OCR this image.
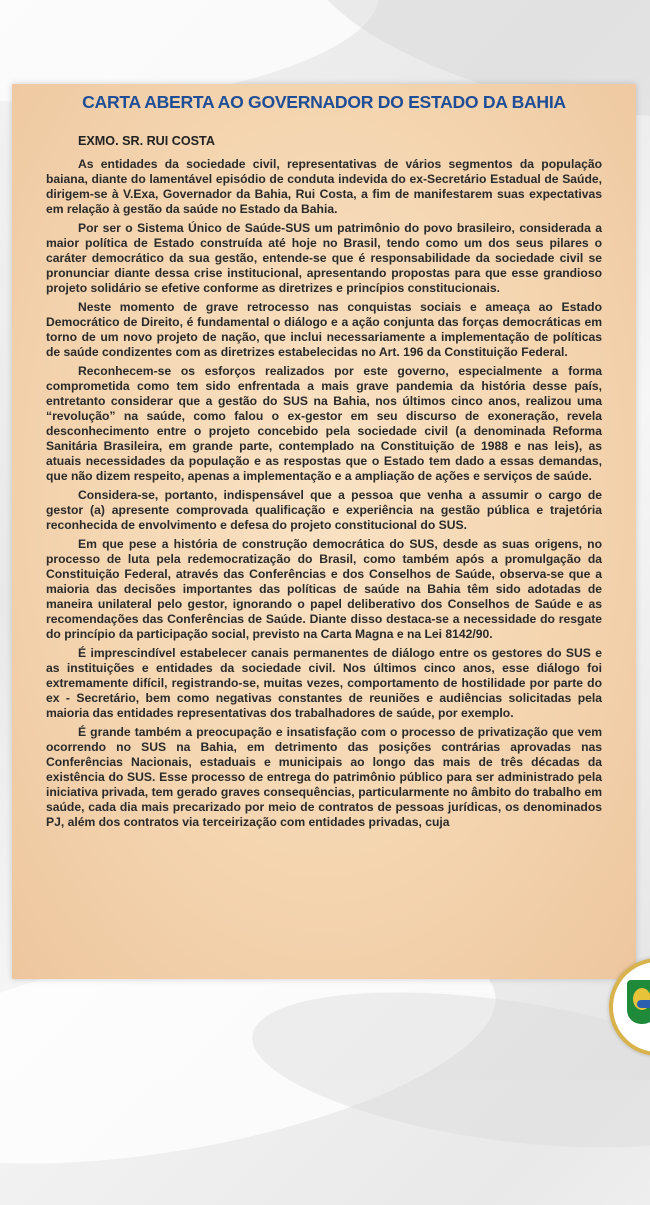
CARTA ABERTA AO GOVERNADOR DO ESTADO DA BAHIA
EXMO. SR. RUI COSTA

As entidades da sociedade civil, representativas de vários segmentos da população baiana, diante do lamentável episódio de conduta indevida do ex-Secretário Estadual de Saúde, dirigem-se à V.Exa, Governador da Bahia, Rui Costa, a fim de manifestarem suas expectativas em relação à gestão da saúde no Estado da Bahia.

Por ser o Sistema Único de Saúde-SUS um patrimônio do povo brasileiro, considerada a maior política de Estado construída até hoje no Brasil, tendo como um dos seus pilares o caráter democrático da sua gestão, entende-se que é responsabilidade da sociedade civil se pronunciar diante dessa crise institucional, apresentando propostas para que esse grandioso projeto solidário se efetive conforme as diretrizes e princípios constitucionais.

Neste momento de grave retrocesso nas conquistas sociais e ameaça ao Estado Democrático de Direito, é fundamental o diálogo e a ação conjunta das forças democráticas em torno de um novo projeto de nação, que inclui necessariamente a implementação de políticas de saúde condizentes com as diretrizes estabelecidas no Art. 196 da Constituição Federal.

Reconhecem-se os esforços realizados por este governo, especialmente a forma comprometida como tem sido enfrentada a mais grave pandemia da história desse país, entretanto considerar que a gestão do SUS na Bahia, nos últimos cinco anos, realizou uma “revolução” na saúde, como falou o ex-gestor em seu discurso de exoneração, revela desconhecimento entre o projeto concebido pela sociedade civil (a denominada Reforma Sanitária Brasileira, em grande parte, contemplado na Constituição de 1988 e nas leis), as atuais necessidades da população e as respostas que o Estado tem dado a essas demandas, que não dizem respeito, apenas a implementação e a ampliação de ações e serviços de saúde.

Considera-se, portanto, indispensável que a pessoa que venha a assumir o cargo de gestor (a) apresente comprovada qualificação e experiência na gestão pública e trajetória reconhecida de envolvimento e defesa do projeto constitucional do SUS.

Em que pese a história de construção democrática do SUS, desde as suas origens, no processo de luta pela redemocratização do Brasil, como também após a promulgação da Constituição Federal, através das Conferências e dos Conselhos de Saúde, observa-se que a maioria das decisões importantes das políticas de saúde na Bahia têm sido adotadas de maneira unilateral pelo gestor, ignorando o papel deliberativo dos Conselhos de Saúde e as recomendações das Conferências de Saúde. Diante disso destaca-se a necessidade do resgate do princípio da participação social, previsto na Carta Magna e na Lei 8142/90.

É imprescindível estabelecer canais permanentes de diálogo entre os gestores do SUS e as instituições e entidades da sociedade civil. Nos últimos cinco anos, esse diálogo foi extremamente difícil, registrando-se, muitas vezes, comportamento de hostilidade por parte do ex - Secretário, bem como negativas constantes de reuniões e audiências solicitadas pela maioria das entidades representativas dos trabalhadores de saúde, por exemplo.

É grande também a preocupação e insatisfação com o processo de privatização que vem ocorrendo no SUS na Bahia, em detrimento das posições contrárias aprovadas nas Conferências Nacionais, estaduais e municipais ao longo das mais de três décadas da existência do SUS. Esse processo de entrega do patrimônio público para ser administrado pela iniciativa privada, tem gerado graves consequências, particularmente no âmbito do trabalho em saúde, cada dia mais precarizado por meio de contratos de pessoas jurídicas, os denominados PJ, além dos contratos via terceirização com entidades privadas, cuja
